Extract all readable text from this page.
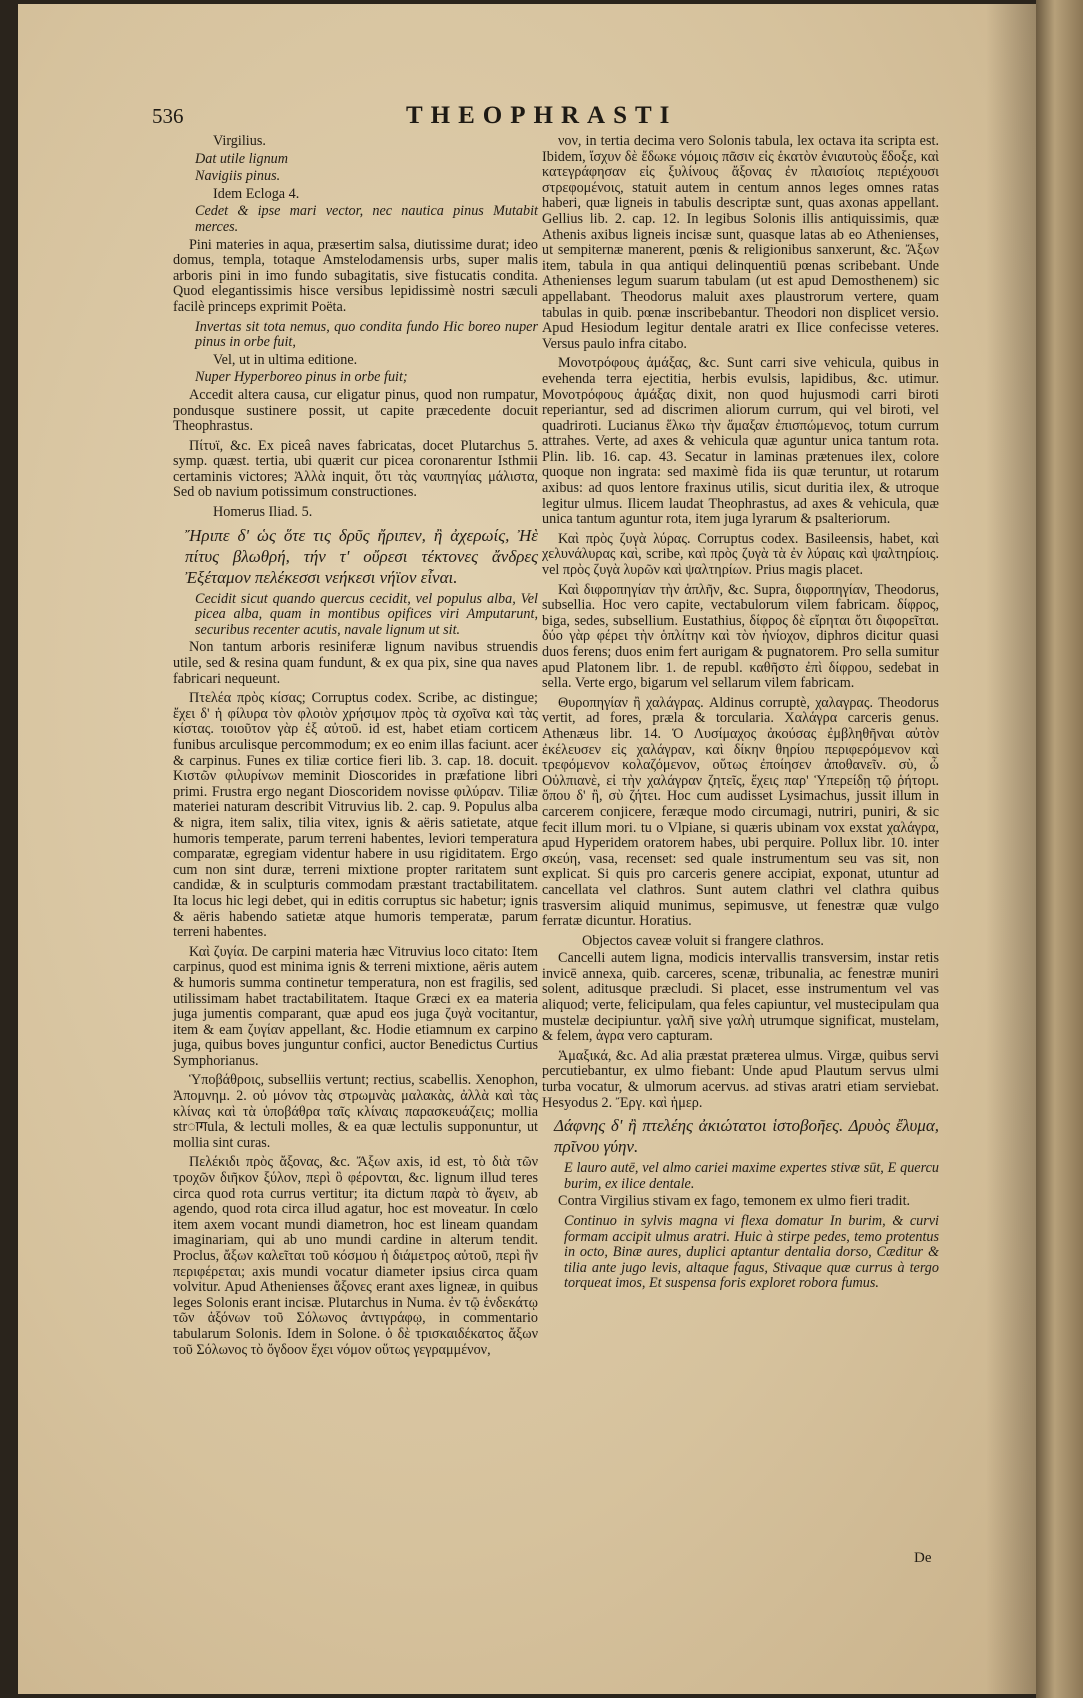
536	THEOPHRASTI

Virgilius.

Dat utile lignum

Navigiis pinus.

Idem Ecloga 4.

Cedet & ipse mari vector, nec nautica pinus Mutabit merces.

Pini materies in aqua, præsertim salsa, diutissime durat; ideo domus, templa, totaque Amstelodamensis urbs, super malis arboris pini in imo fundo subagitatis, sive fistucatis condita. Quod elegantissimis hisce versibus lepidissimè nostri sæculi facilè princeps exprimit Poëta.

Invertas sit tota nemus, quo condita fundo Hic boreo nuper pinus in orbe fuit,

Vel, ut in ultima editione.

Nuper Hyperboreo pinus in orbe fuit;

Accedit altera causa, cur eligatur pinus, quod non rumpatur, pondusque sustinere possit, ut capite præcedente docuit Theophrastus.

Πίτυϊ, &c. Ex piceâ naves fabricatas, docet Plutarchus 5. symp. quæst. tertia, ubi quærit cur picea coronarentur Isthmii certaminis victores; Ἀλλὰ inquit, ὅτι τὰς ναυπηγίας μάλιστα, Sed ob navium potissimum constructiones.

Homerus Iliad. 5.

Ἤριπε δ' ὡς ὅτε τις δρῦς ἤριπεν, ἢ ἀχερωίς, Ἠὲ πίτυς βλωθρή, τήν τ' οὔρεσι τέκτονες ἄνδρες Ἐξέταμον πελέκεσσι νεήκεσι νήϊον εἶναι.

Cecidit sicut quando quercus cecidit, vel populus alba, Vel picea alba, quam in montibus opifices viri Amputarunt, securibus recenter acutis, navale lignum ut sit.

Non tantum arboris resiniferæ lignum navibus struendis utile, sed & resina quam fundunt, & ex qua pix, sine qua naves fabricari nequeunt.

Πτελέα πρὸς κίσας; Corruptus codex. Scribe, ac distingue; ἔχει δ' ἡ φίλυρα τὸν φλοιὸν χρήσιμον πρὸς τὰ σχοῖνα καὶ τὰς κίστας. τοιοῦτον γὰρ ἐξ αὐτοῦ. id est, habet etiam corticem funibus arculisque percommodum; ex eo enim illas faciunt. acer & carpinus. Funes ex tiliæ cortice fieri lib. 3. cap. 18. docuit. Κιστῶν φιλυρίνων meminit Dioscorides in præfatione libri primi. Frustra ergo negant Dioscoridem novisse φιλύραν. Tiliæ materiei naturam describit Vitruvius lib. 2. cap. 9. Populus alba & nigra, item salix, tilia vitex, ignis & aëris satietate, atque humoris temperate, parum terreni habentes, leviori temperatura comparatæ, egregiam videntur habere in usu rigiditatem. Ergo cum non sint duræ, terreni mixtione propter raritatem sunt candidæ, & in sculpturis commodam præstant tractabilitatem. Ita locus hic legi debet, qui in editis corruptus sic habetur; ignis & aëris habendo satietæ atque humoris temperatæ, parum terreni habentes.

Καὶ ζυγία. De carpini materia hæc Vitruvius loco citato: Item carpinus, quod est minima ignis & terreni mixtione, aëris autem & humoris summa continetur temperatura, non est fragilis, sed utilissimam habet tractabilitatem. Itaque Græci ex ea materia juga jumentis comparant, quæ apud eos juga ζυγὰ vocitantur, item & eam ζυγίαν appellant, &c. Hodie etiamnum ex carpino juga, quibus boves junguntur confici, auctor Benedictus Curtius Symphorianus.

Ὑποβάθροις, subselliis vertunt; rectius, scabellis. Xenophon, Ἀπομνημ. 2. οὐ μόνον τὰς στρωμνὰς μαλακὰς, ἀλλὰ καὶ τὰς κλίνας καὶ τὰ ὑποβάθρα ταῖς κλίναις παρασκευάζεις; mollia strागula, & lectuli molles, & ea quæ lectulis supponuntur, ut mollia sint curas.

Πελέκιδι πρὸς ἄξονας, &c. Ἄξων axis, id est, τὸ διὰ τῶν τροχῶν διῆκον ξύλον, περὶ ὃ φέρονται, &c. lignum illud teres circa quod rota currus vertitur; ita dictum παρὰ τὸ ἄγειν, ab agendo, quod rota circa illud agatur, hoc est moveatur. In cœlo item axem vocant mundi diametron, hoc est lineam quandam imaginariam, qui ab uno mundi cardine in alterum tendit. Proclus, ἄξων καλεῖται τοῦ κόσμου ἡ διάμετρος αὐτοῦ, περὶ ἣν περιφέρεται; axis mundi vocatur diameter ipsius circa quam volvitur. Apud Athenienses ἄξονες erant axes ligneæ, in quibus leges Solonis erant incisæ. Plutarchus in Numa. ἐν τῷ ἑνδεκάτῳ τῶν ἀξόνων τοῦ Σόλωνος ἀντιγράφῳ, in commentario tabularum Solonis. Idem in Solone. ὁ δὲ τρισκαιδέκατος ἄξων τοῦ Σόλωνος τὸ ὄγδοον ἔχει νόμον οὕτως γεγραμμένον,

νον, in tertia decima vero Solonis tabula, lex octava ita scripta est. Ibidem, ἴσχυν δὲ ἔδωκε νόμοις πᾶσιν εἰς ἑκατὸν ἐνιαυτοὺς ἔδοξε, καὶ κατεγράφησαν εἰς ξυλίνους ἄξονας ἐν πλαισίοις περιέχουσι στρεφομένοις, statuit autem in centum annos leges omnes ratas haberi, quæ ligneis in tabulis descriptæ sunt, quas axonas appellant. Gellius lib. 2. cap. 12. In legibus Solonis illis antiquissimis, quæ Athenis axibus ligneis incisæ sunt, quasque latas ab eo Athenienses, ut sempiternæ manerent, pœnis & religionibus sanxerunt, &c. Ἄξων item, tabula in qua antiqui delinquentiū pœnas scribebant. Unde Athenienses legum suarum tabulam (ut est apud Demosthenem) sic appellabant. Theodorus maluit axes plaustrorum vertere, quam tabulas in quib. pœnæ inscribebantur. Theodori non displicet versio. Apud Hesiodum legitur dentale aratri ex Ilice confecisse veteres. Versus paulo infra citabo.

Μονοτρόφους ἁμάξας, &c. Sunt carri sive vehicula, quibus in evehenda terra ejectitia, herbis evulsis, lapidibus, &c. utimur. Μονοτρόφους ἁμάξας dixit, non quod hujusmodi carri biroti reperiantur, sed ad discrimen aliorum currum, qui vel biroti, vel quadriroti. Lucianus ἕλκω τὴν ἅμαξαν ἐπισπώμενος, totum currum attrahes. Verte, ad axes & vehicula quæ aguntur unica tantum rota. Plin. lib. 16. cap. 43. Secatur in laminas prætenues ilex, colore quoque non ingrata: sed maximè fida iis quæ teruntur, ut rotarum axibus: ad quos lentore fraxinus utilis, sicut duritia ilex, & utroque legitur ulmus. Ilicem laudat Theophrastus, ad axes & vehicula, quæ unica tantum aguntur rota, item juga lyrarum & psalteriorum.

Καὶ πρὸς ζυγὰ λύρας. Corruptus codex. Basileensis, habet, καὶ χελυνάλυρας καὶ, scribe, καὶ πρὸς ζυγὰ τὰ ἐν λύραις καὶ ψαλτηρίοις. vel πρὸς ζυγὰ λυρῶν καὶ ψαλτηρίων. Prius magis placet.

Καὶ διφροπηγίαν τὴν ἁπλῆν, &c. Supra, διφροπηγίαν, Theodorus, subsellia. Hoc vero capite, vectabulorum vilem fabricam. δίφρος, biga, sedes, subsellium. Eustathius, δίφρος δὲ εἴρηται ὅτι διφορεῖται. δύο γὰρ φέρει τὴν ὁπλίτην καὶ τὸν ἡνίοχον, diphros dicitur quasi duos ferens; duos enim fert aurigam & pugnatorem. Pro sella sumitur apud Platonem libr. 1. de republ. καθῆστο ἐπὶ δίφρου, sedebat in sella. Verte ergo, bigarum vel sellarum vilem fabricam.

Θυροπηγίαν ἢ χαλάγρας. Aldinus corruptè, χαλαγρας. Theodorus vertit, ad fores, præla & torcularia. Χαλάγρα carceris genus. Athenæus libr. 14. Ὁ Λυσίμαχος ἀκούσας ἐμβληθῆναι αὐτὸν ἐκέλευσεν εἰς χαλάγραν, καὶ δίκην θηρίου περιφερόμενον καὶ τρεφόμενον κολαζόμενον, οὕτως ἐποίησεν ἀποθανεῖν. σὺ, ὦ Οὐλπιανὲ, εἰ τὴν χαλάγραν ζητεῖς, ἔχεις παρ' Ὑπερείδῃ τῷ ῥήτορι. ὅπου δ' ἢ, σὺ ζήτει. Hoc cum audisset Lysimachus, jussit illum in carcerem conjicere, feræque modo circumagi, nutriri, puniri, & sic fecit illum mori. tu o Vlpiane, si quæris ubinam vox exstat χαλάγρα, apud Hyperidem oratorem habes, ubi perquire. Pollux libr. 10. inter σκεύη, vasa, recenset: sed quale instrumentum seu vas sit, non explicat. Si quis pro carceris genere accipiat, exponat, utuntur ad cancellata vel clathros. Sunt autem clathri vel clathra quibus trasversim aliquid munimus, sepimusve, ut fenestræ quæ vulgo ferratæ dicuntur. Horatius.

Objectos caveæ voluit si frangere clathros.

Cancelli autem ligna, modicis intervallis transversim, instar retis invicē annexa, quib. carceres, scenæ, tribunalia, ac fenestræ muniri solent, aditusque præcludi. Si placet, esse instrumentum vel vas aliquod; verte, felicipulam, qua feles capiuntur, vel mustecipulam qua mustelæ decipiuntur. γαλῆ sive γαλὴ utrumque significat, mustelam, & felem, ἀγρα vero capturam.

Ἁμαξικά, &c. Ad alia præstat præterea ulmus. Virgæ, quibus servi percutiebantur, ex ulmo fiebant: Unde apud Plautum servus ulmi turba vocatur, & ulmorum acervus. ad stivas aratri etiam serviebat. Hesyodus 2. Ἔργ. καὶ ἡμερ.

Δάφνης δ' ἢ πτελέης ἀκιώτατοι ἱστοβοῆες. Δρυὸς ἔλυμα, πρῖνου γύην.

E lauro autē, vel almo cariei maxime expertes stivæ sūt, E quercu burim, ex ilice dentale.

Contra Virgilius stivam ex fago, temonem ex ulmo fieri tradit.

Continuo in sylvis magna vi flexa domatur In burim, & curvi formam accipit ulmus aratri. Huic à stirpe pedes, temo protentus in octo, Binæ aures, duplici aptantur dentalia dorso, Cæditur & tilia ante jugo levis, altaque fagus, Stivaque quæ currus à tergo torqueat imos, Et suspensa foris exploret robora fumus.

De
